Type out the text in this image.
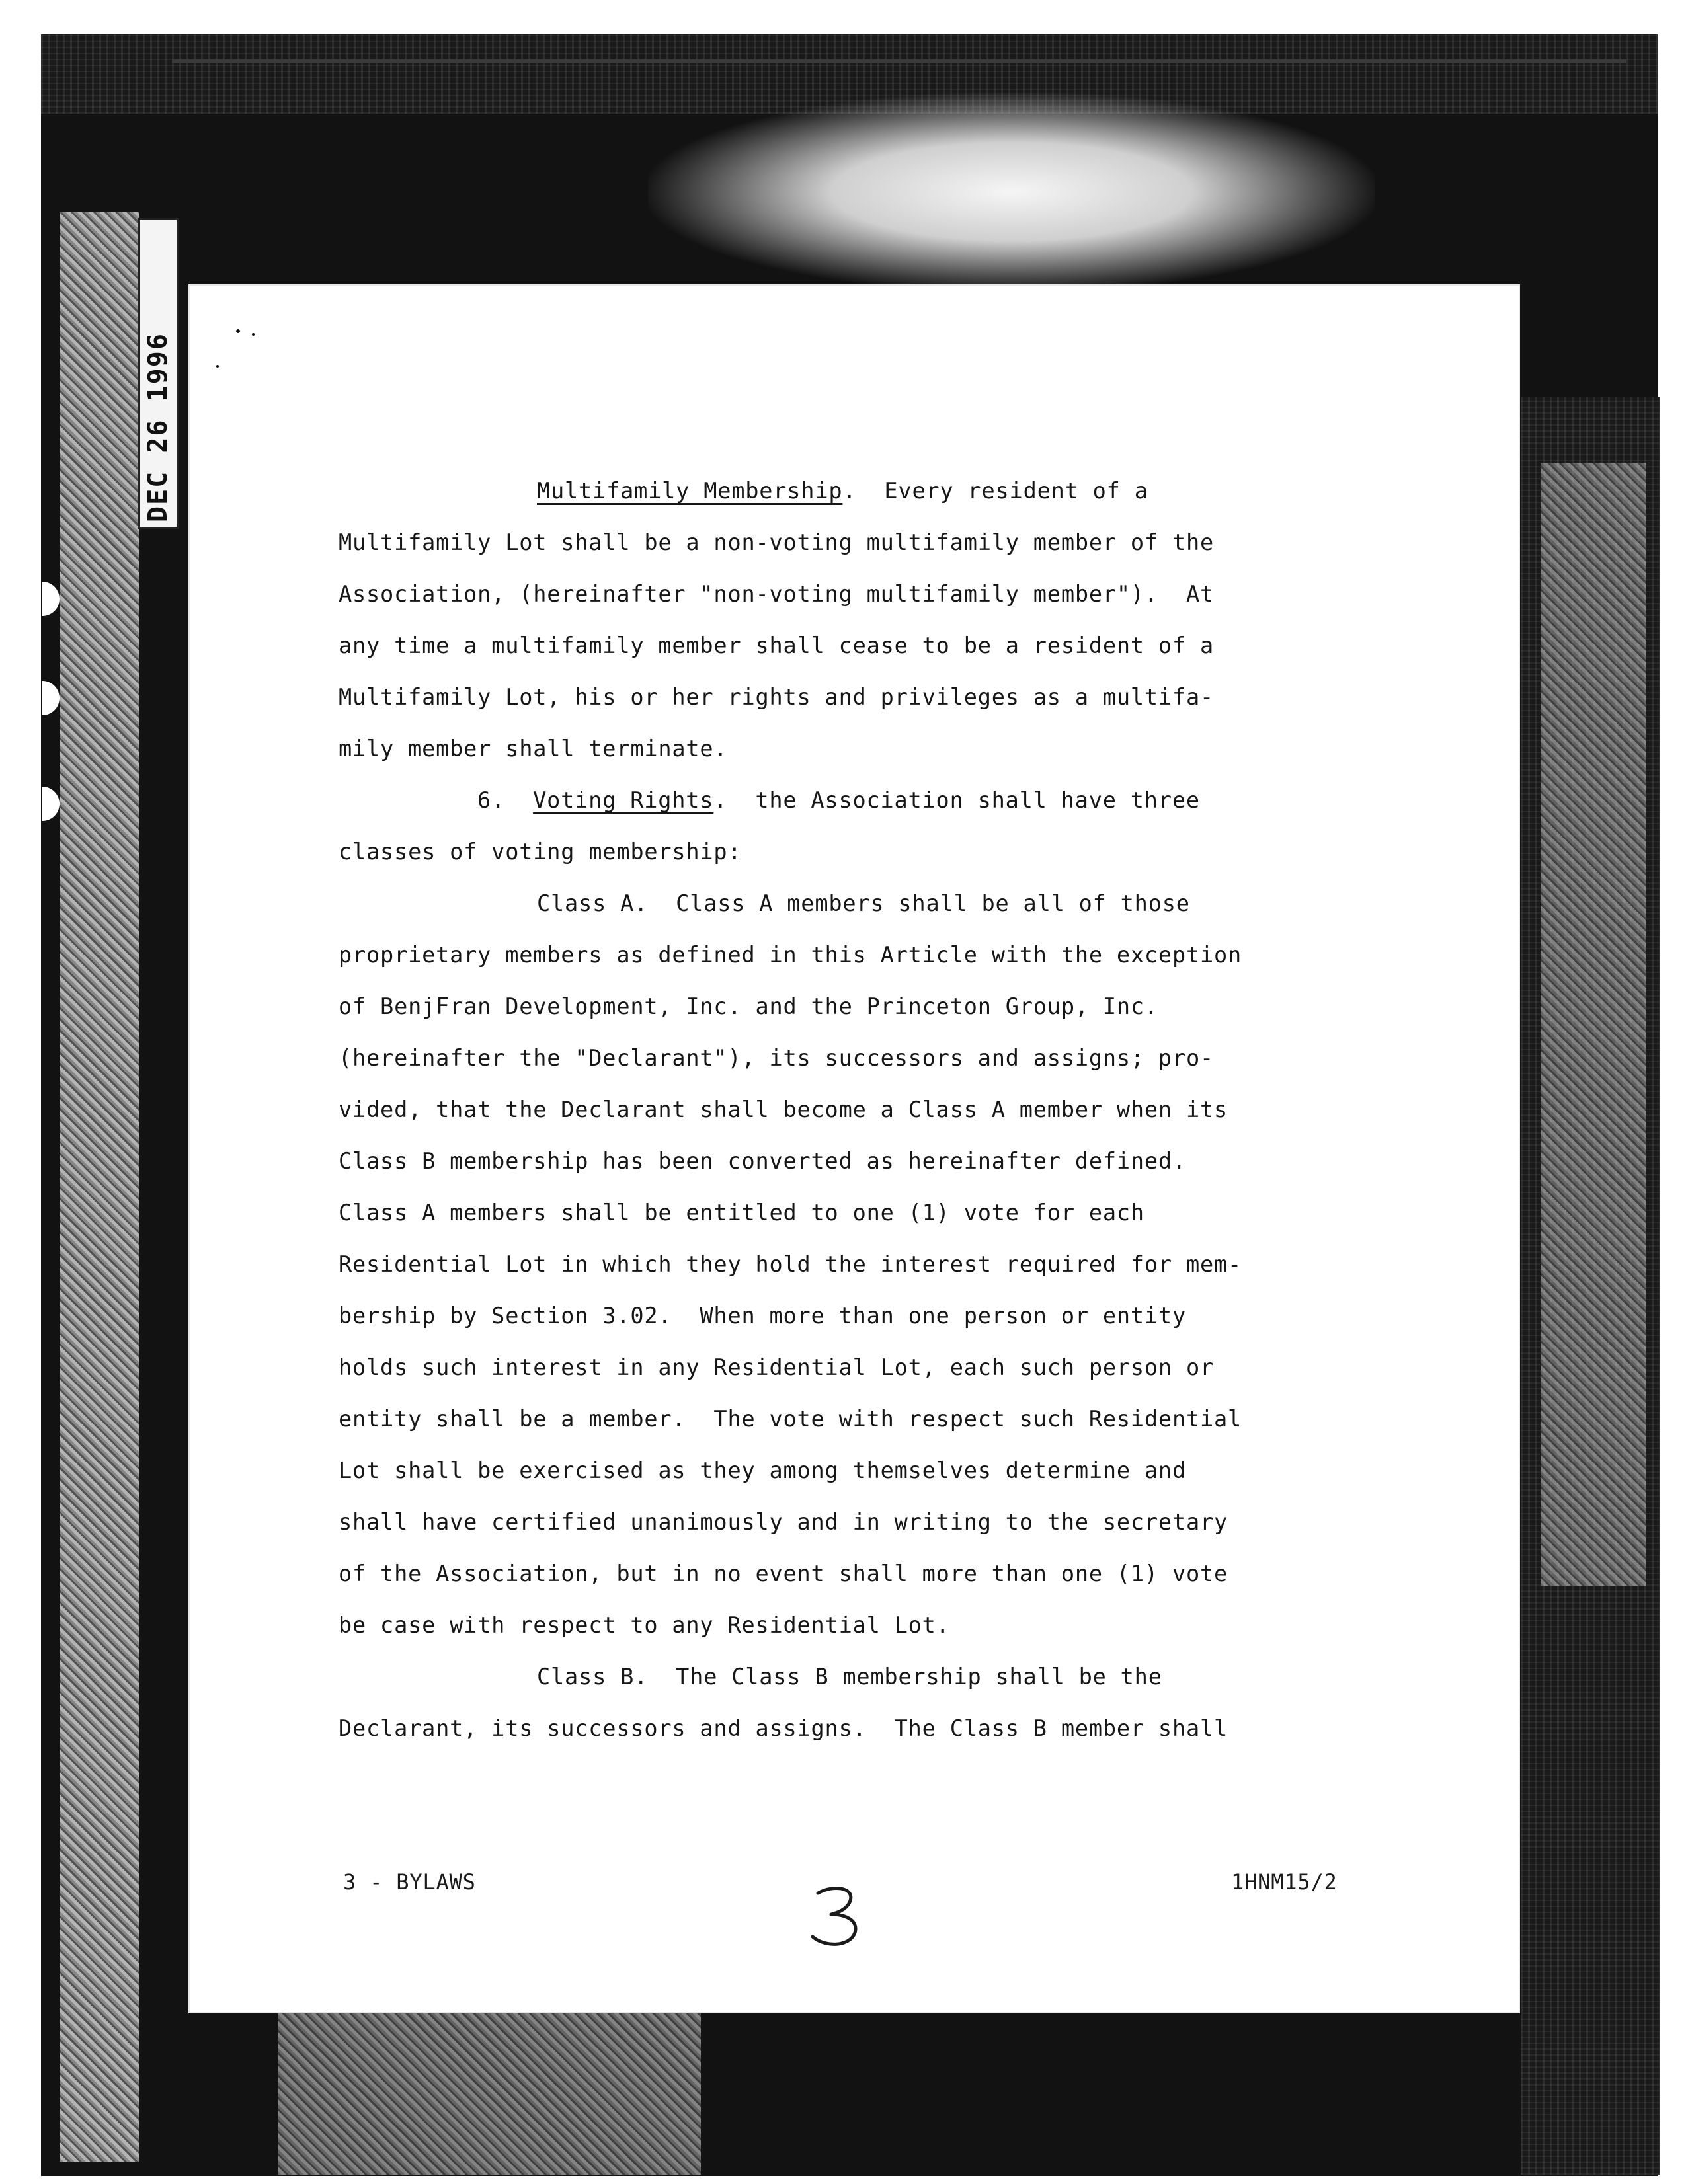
DEC 26 1996	Multifamily Membership.  Every resident of a
Multifamily Lot shall be a non-voting multifamily member of the
Association, (hereinafter "non-voting multifamily member").  At
any time a multifamily member shall cease to be a resident of a
Multifamily Lot, his or her rights and privileges as a multifa-
mily member shall terminate.
6.  Voting Rights.  the Association shall have three
classes of voting membership:
Class A.  Class A members shall be all of those
proprietary members as defined in this Article with the exception
of BenjFran Development, Inc. and the Princeton Group, Inc.
(hereinafter the "Declarant"), its successors and assigns; pro-
vided, that the Declarant shall become a Class A member when its
Class B membership has been converted as hereinafter defined.
Class A members shall be entitled to one (1) vote for each
Residential Lot in which they hold the interest required for mem-
bership by Section 3.02.  When more than one person or entity
holds such interest in any Residential Lot, each such person or
entity shall be a member.  The vote with respect such Residential
Lot shall be exercised as they among themselves determine and
shall have certified unanimously and in writing to the secretary
of the Association, but in no event shall more than one (1) vote
be case with respect to any Residential Lot.
Class B.  The Class B membership shall be the
Declarant, its successors and assigns.  The Class B member shall
3 - BYLAWS	1HNM15/2
